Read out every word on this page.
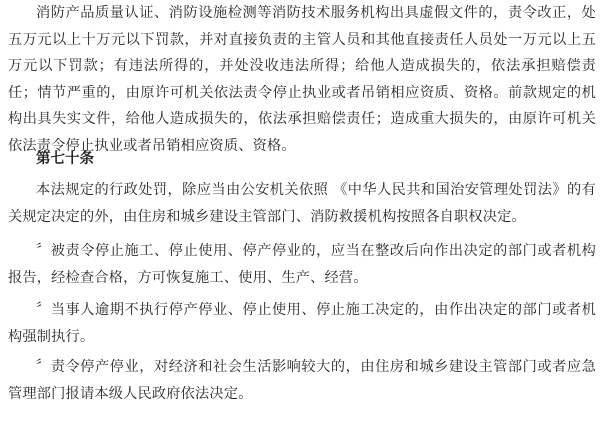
消防产品质量认证、消防设施检测等消防技术服务机构出具虚假文件的，责令改正，处五万元以上十万元以下罚款，并对直接负责的主管人员和其他直接责任人员处一万元以上五万元以下罚款；有违法所得的，并处没收违法所得；给他人造成损失的，依法承担赔偿责任；情节严重的，由原许可机关依法责令停止执业或者吊销相应资质、资格。前款规定的机构出具失实文件，给他人造成损失的，依法承担赔偿责任；造成重大损失的，由原许可机关依法责令停止执业或者吊销相应资质、资格。

第七十条

本法规定的行政处罚，除应当由公安机关依照 《中华人民共和国治安管理处罚法》的有关规定决定的外，由住房和城乡建设主管部门、消防救援机构按照各自职权决定。

〞被责令停止施工、停止使用、停产停业的，应当在整改后向作出决定的部门或者机构报告，经检查合格，方可恢复施工、使用、生产、经营。

〞当事人逾期不执行停产停业、停止使用、停止施工决定的，由作出决定的部门或者机构强制执行。

〞责令停产停业，对经济和社会生活影响较大的，由住房和城乡建设主管部门或者应急管理部门报请本级人民政府依法决定。
